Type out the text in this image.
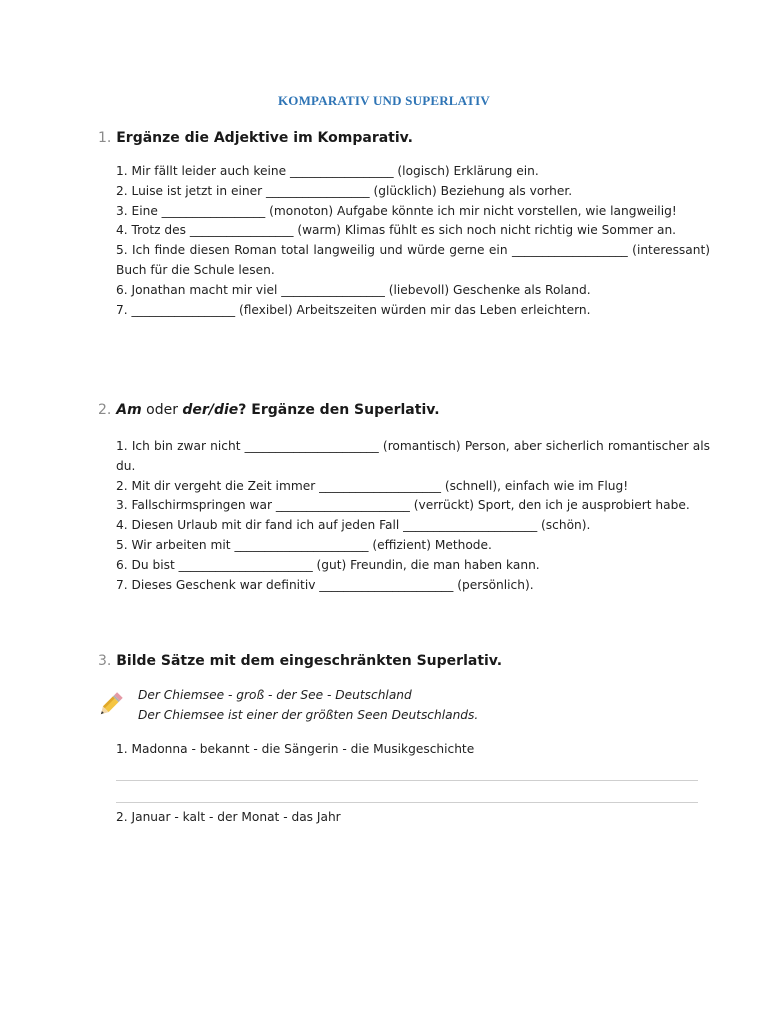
KOMPARATIV UND SUPERLATIV

1. Ergänze die Adjektive im Komparativ.

1. Mir fällt leider auch keine _________________ (logisch) Erklärung ein.
2. Luise ist jetzt in einer _________________ (glücklich) Beziehung als vorher.
3. Eine _________________ (monoton) Aufgabe könnte ich mir nicht vorstellen, wie langweilig!
4. Trotz des _________________ (warm) Klimas fühlt es sich noch nicht richtig wie Sommer an.
5. Ich finde diesen Roman total langweilig und würde gerne ein ___________________ (interessant) Buch für die Schule lesen.
6. Jonathan macht mir viel _________________ (liebevoll) Geschenke als Roland.
7. _________________ (flexibel) Arbeitszeiten würden mir das Leben erleichtern.

2. Am oder der/die? Ergänze den Superlativ.

1. Ich bin zwar nicht ______________________ (romantisch) Person, aber sicherlich romantischer als du.
2. Mit dir vergeht die Zeit immer ____________________ (schnell), einfach wie im Flug!
3. Fallschirmspringen war ______________________ (verrückt) Sport, den ich je ausprobiert habe.
4. Diesen Urlaub mit dir fand ich auf jeden Fall ______________________ (schön).
5. Wir arbeiten mit ______________________ (effizient) Methode.
6. Du bist ______________________ (gut) Freundin, die man haben kann.
7. Dieses Geschenk war definitiv ______________________ (persönlich).

3. Bilde Sätze mit dem eingeschränkten Superlativ.

Der Chiemsee - groß - der See - Deutschland
Der Chiemsee ist einer der größten Seen Deutschlands.
1. Madonna - bekannt - die Sängerin - die Musikgeschichte
2. Januar - kalt - der Monat - das Jahr
